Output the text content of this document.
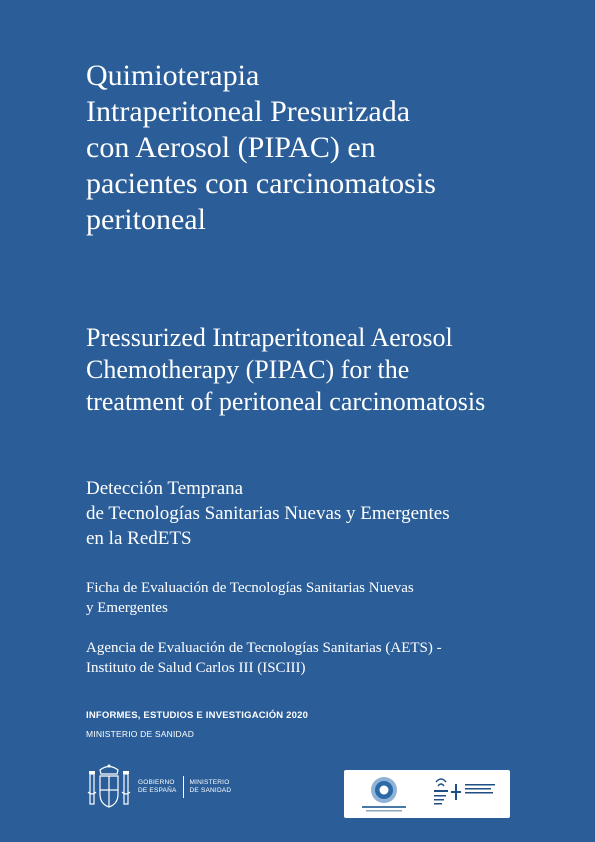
Quimioterapia
Intraperitoneal Presurizada
con Aerosol (PIPAC) en
pacientes con carcinomatosis
peritoneal
Pressurized Intraperitoneal Aerosol
Chemotherapy (PIPAC) for the
treatment of peritoneal carcinomatosis
Detección Temprana
de Tecnologías Sanitarias Nuevas y Emergentes
en la RedETS
Ficha de Evaluación de Tecnologías Sanitarias Nuevas
y Emergentes
Agencia de Evaluación de Tecnologías Sanitarias (AETS) -
Instituto de Salud Carlos III (ISCIII)
INFORMES, ESTUDIOS E INVESTIGACIÓN 2020
MINISTERIO DE SANIDAD
GOBIERNO
DE ESPAÑA
MINISTERIO
DE SANIDAD
